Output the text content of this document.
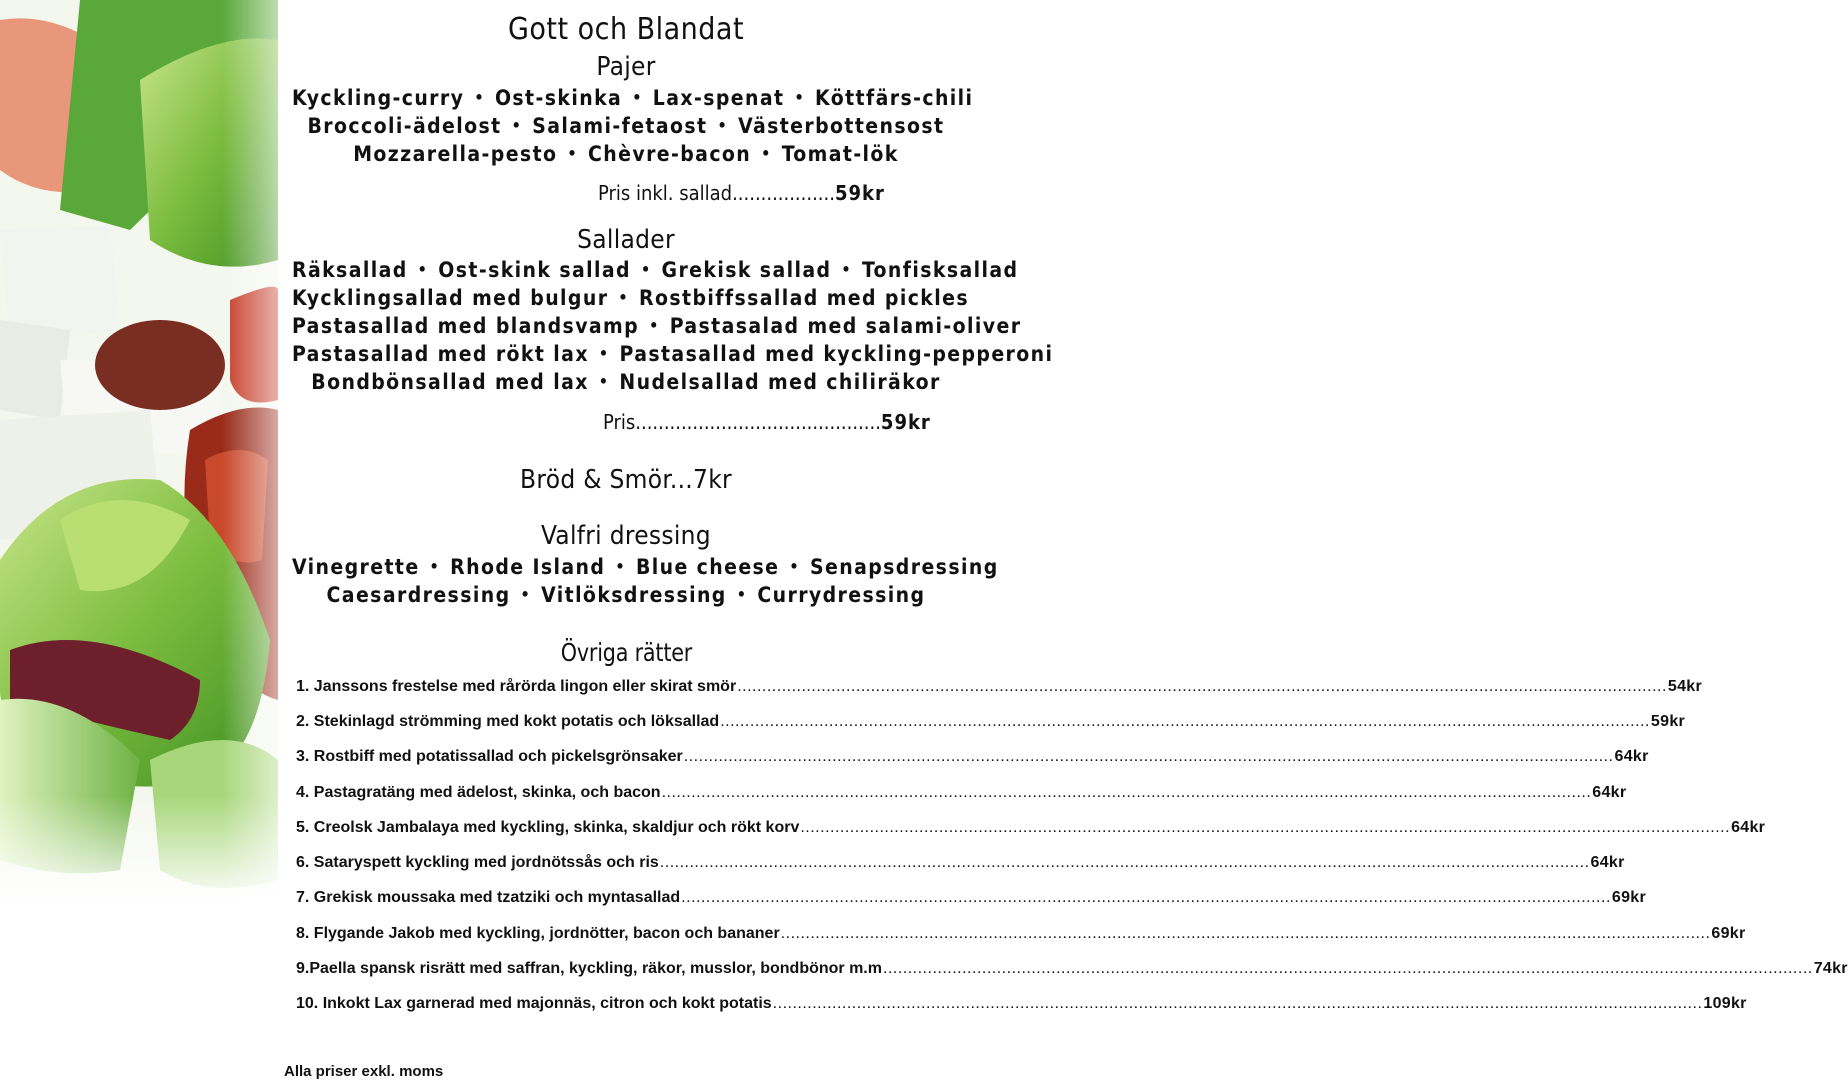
Gott och Blandat
Pajer
Kyckling-curry • Ost-skinka • Lax-spenat • Köttfärs-chili
Broccoli-ädelost • Salami-fetaost • Västerbottensost
Mozzarella-pesto • Chèvre-bacon • Tomat-lök
Pris inkl. sallad..................59kr
Sallader
Räksallad • Ost-skink sallad • Grekisk sallad • Tonfisksallad
Kycklingsallad med bulgur • Rostbiffssallad med pickles
Pastasallad med blandsvamp • Pastasalad med salami-oliver
Pastasallad med rökt lax • Pastasallad med kyckling-pepperoni
Bondbönsallad med lax • Nudelsallad med chiliräkor
Pris...........................................59kr
Bröd & Smör...7kr
Valfri dressing
Vinegrette • Rhode Island • Blue cheese • Senapsdressing
Caesardressing • Vitlöksdressing • Currydressing
Övriga rätter
1. Janssons frestelse med rårörda lingon eller skirat smör .....	54kr
2. Stekinlagd strömming med kokt potatis och löksallad .....	59kr
3. Rostbiff med potatissallad och pickelsgrönsaker .....	64kr
4. Pastagratäng med ädelost, skinka, och bacon .....	64kr
5. Creolsk Jambalaya med kyckling, skinka, skaldjur och rökt korv .....	64kr
6. Sataryspett kyckling med jordnötssås och ris .....	64kr
7. Grekisk moussaka med tzatziki och myntasallad .....	69kr
8. Flygande Jakob med kyckling, jordnötter, bacon och bananer .....	69kr
9.Paella spansk risrätt med saffran, kyckling, räkor, musslor, bondbönor m.m .....	74kr
10. Inkokt Lax garnerad med majonnäs, citron och kokt potatis .....	109kr
Alla priser exkl. moms
